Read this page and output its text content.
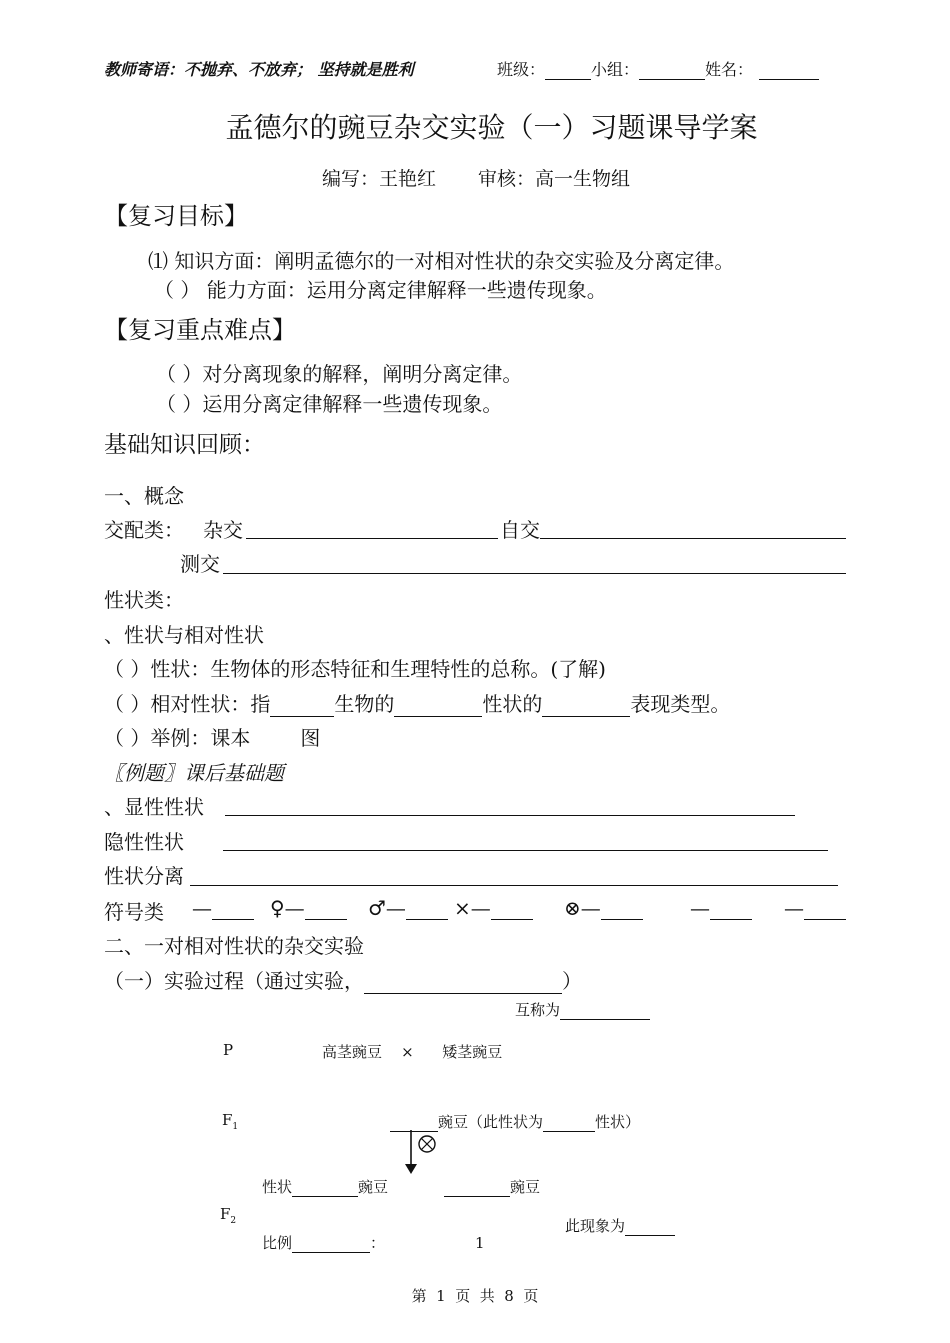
教师寄语：不抛弃、不放弃； 坚持就是胜利	班级：	小组：	姓名：
孟德尔的豌豆杂交实验（一）习题课导学案
编写：王艳红 审核：高一生物组
【复习目标】
⑴ 知识方面：阐明孟德尔的一对相对性状的杂交实验及分离定律。
（ ） 能力方面：运用分离定律解释一些遗传现象。
【复习重点难点】
（ ）对分离现象的解释，阐明分离定律。
（ ）运用分离定律解释一些遗传现象。
基础知识回顾：
一、概念
交配类： 杂交	自交
测交
性状类：
、性状与相对性状
（ ）性状：生物体的形态特征和生理特性的总称。(了解)
（ ）相对性状：指	生物的	性状的	表现类型。
（ ）举例：课本	图
〖例题〗课后基础题
、显性性状
隐性性状
性状分离
符号类 —	♀—	♂—	×—	⊗—	—	—
二、一对相对性状的杂交实验
（一）实验过程（通过实验，	）
互称为
P	高茎豌豆    ×      矮茎豌豆
$F_1$	豌豆（此性状为	性状）
性状	豌豆	豌豆
$F_2$	此现象为
比例	：	1
第  1  页  共  8  页
